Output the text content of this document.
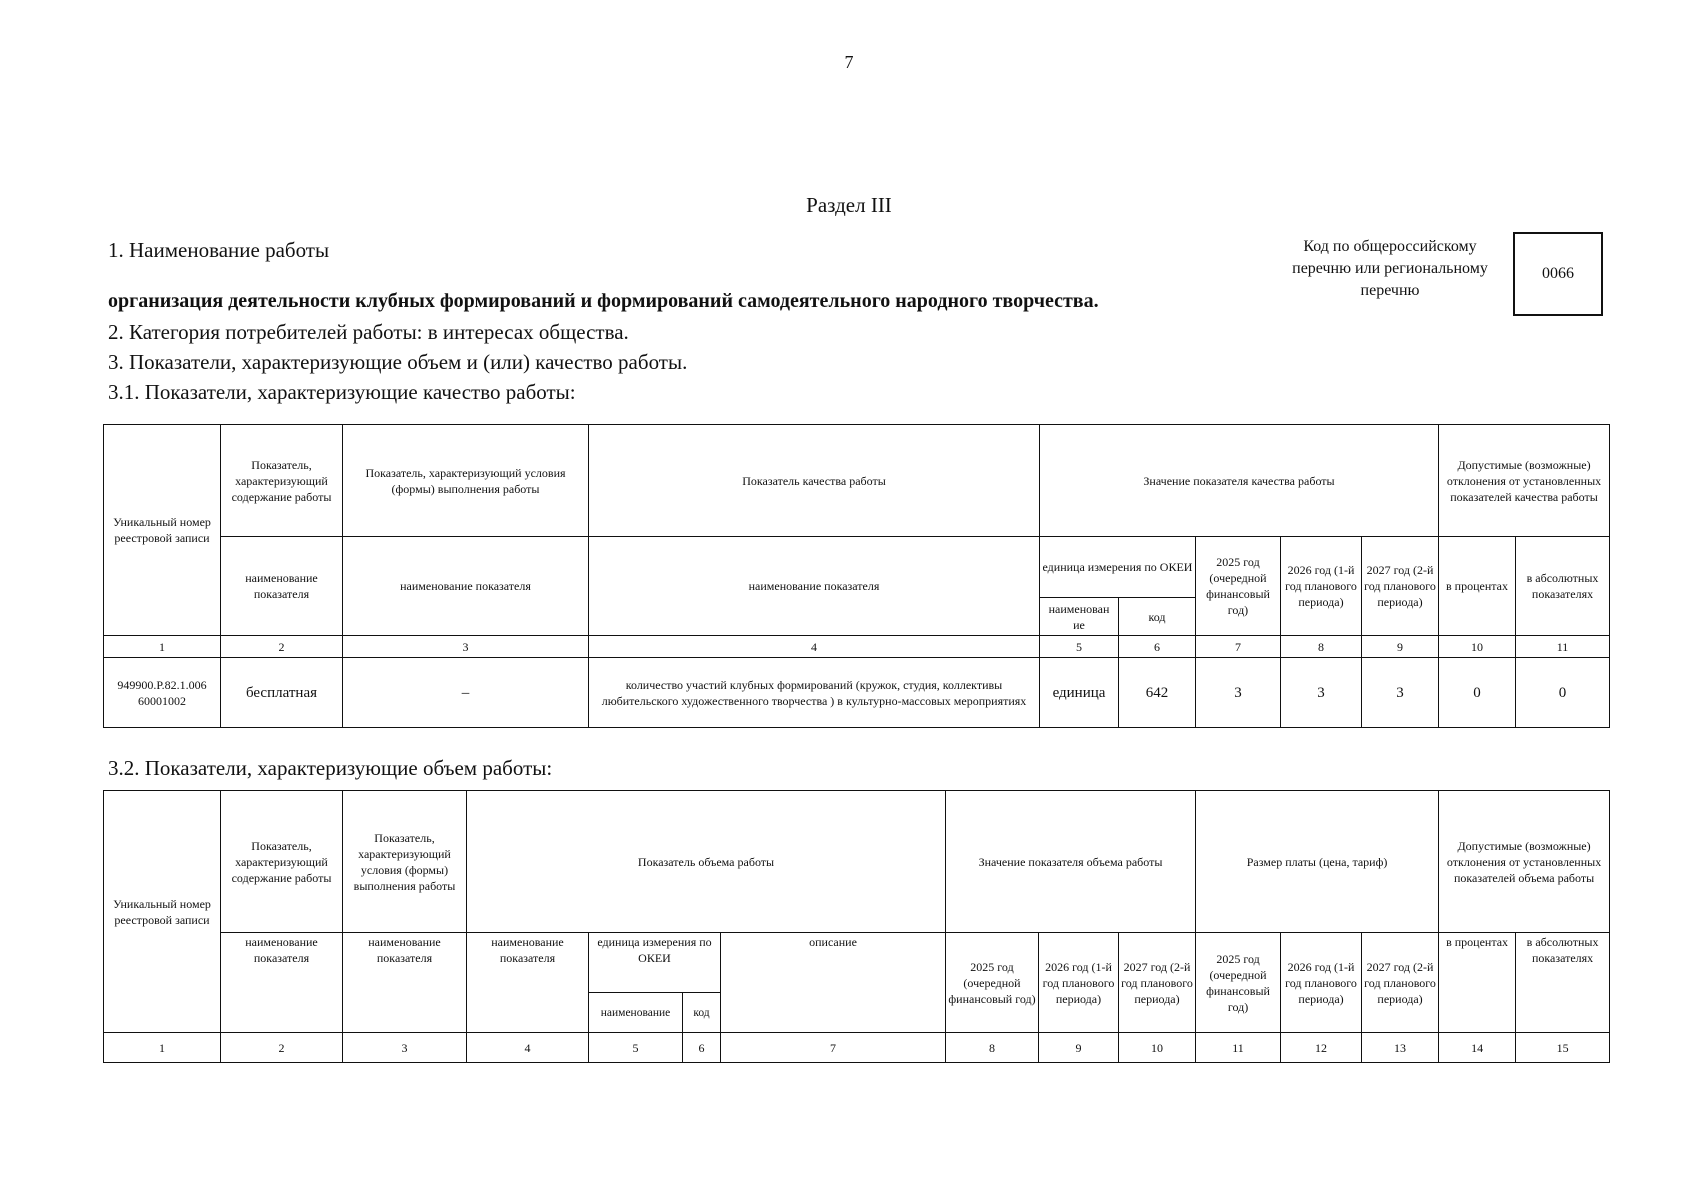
7
Раздел III
1. Наименование работы
организация деятельности клубных формирований и формирований самодеятельного народного творчества.
2. Категория потребителей работы: в интересах общества.
3. Показатели, характеризующие объем и (или) качество работы.
3.1. Показатели, характеризующие качество работы:
Код по общероссийскому
перечню или региональному
перечню
0066
Уникальный номер реестровой записи	Показатель, характеризующий содержание работы	Показатель, характеризующий условия (формы) выполнения работы	Показатель качества работы	Значение показателя качества работы					Допустимые (возможные) отклонения от установленных показателей качества работы	
	наименование показателя	наименование показателя	наименование показателя	единица измерения по ОКЕИ		2025 год (очередной финансовый год)	2026 год (1-й год планового периода)	2027 год (2-й год планового периода)	в процентах	в абсолютных показателях
				наименован ие	код					
1	2	3	4	5	6	7	8	9	10	11
949900.Р.82.1.006 60001002	бесплатная	–	количество участий клубных формирований (кружок, студия, коллективы любительского художественного творчества ) в культурно-массовых мероприятиях	единица	642	3	3	3	0	0
3.2. Показатели, характеризующие объем работы:
Уникальный номер реестровой записи	Показатель, характеризующий содержание работы	Показатель, характеризующий условия (формы) выполнения работы	Показатель объема работы				Значение показателя объема работы			Размер платы (цена, тариф)			Допустимые (возможные) отклонения от установленных показателей объема работы	
	наименование показателя	наименование показателя	наименование показателя	единица измерения по ОКЕИ		описание	2025 год (очередной финансовый год)	2026 год (1-й год планового периода)	2027 год (2-й год планового периода)	2025 год (очередной финансовый год)	2026 год (1-й год планового периода)	2027 год (2-й год планового периода)	в процентах	в абсолютных показателях
				наименование	код									
1	2	3	4	5	6	7	8	9	10	11	12	13	14	15
